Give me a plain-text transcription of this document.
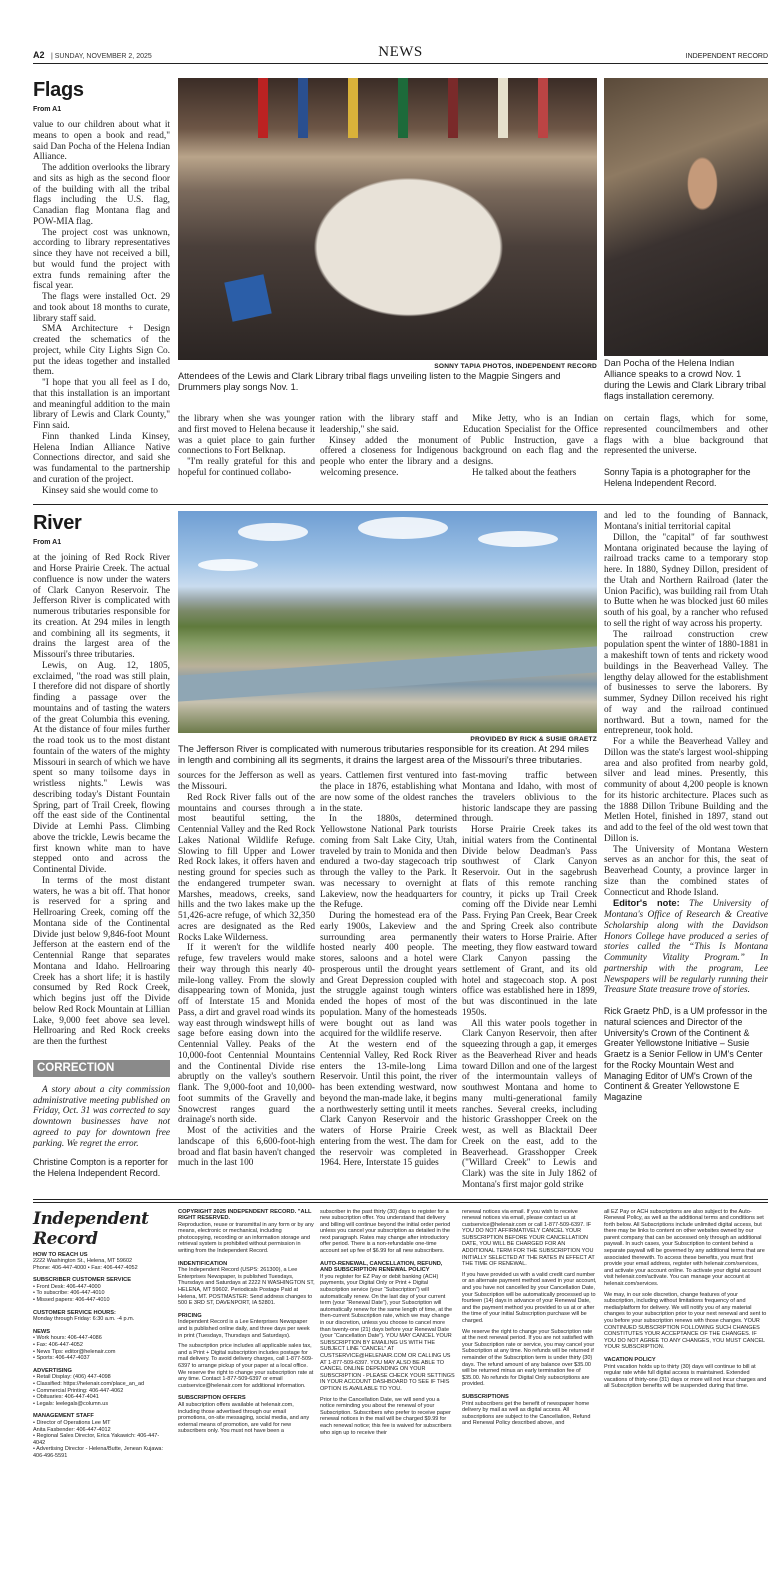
A2 | SUNDAY, NOVEMBER 2, 2025	NEWS	INDEPENDENT RECORD
Flags
From A1

value to our children about what it means to open a book and read," said Dan Pocha of the Helena Indian Alliance.

The addition overlooks the library and sits as high as the second floor of the building with all the tribal flags including the U.S. flag, Canadian flag Montana flag and POW-MIA flag.

The project cost was unknown, according to library representatives since they have not received a bill, but would fund the project with extra funds remaining after the fiscal year.

The flags were installed Oct. 29 and took about 18 months to curate, library staff said.

SMA Architecture + Design created the schematics of the project, while City Lights Sign Co. put the ideas together and installed them.

"I hope that you all feel as I do, that this installation is an important and meaningful addition to the main library of Lewis and Clark County," Finn said.

Finn thanked Linda Kinsey, Helena Indian Alliance Native Connections director, and said she was fundamental to the partnership and curation of the project.

Kinsey said she would come to

SONNY TAPIA PHOTOS, INDEPENDENT RECORD
Attendees of the Lewis and Clark Library tribal flags unveiling listen to the Magpie Singers and Drummers play songs Nov. 1.
Dan Pocha of the Helena Indian Alliance speaks to a crowd Nov. 1 during the Lewis and Clark Library tribal flags installation ceremony.

the library when she was younger and first moved to Helena because it was a quiet place to gain further connections to Fort Belknap.

"I'm really grateful for this and hopeful for continued collabo-

ration with the library staff and leadership," she said.

Kinsey added the monument offered a closeness for Indigenous people who enter the library and a welcoming presence.

Mike Jetty, who is an Indian Education Specialist for the Office of Public Instruction, gave a background on each flag and the designs.

He talked about the feathers

on certain flags, which for some, represented councilmembers and other flags with a blue background that represented the universe.

Sonny Tapia is a photographer for the Helena Independent Record.

River
From A1

at the joining of Red Rock River and Horse Prairie Creek. The actual confluence is now under the waters of Clark Canyon Reservoir. The Jefferson River is complicated with numerous tributaries responsible for its creation. At 294 miles in length and combining all its segments, it drains the largest area of the Missouri's three tributaries.

Lewis, on Aug. 12, 1805, exclaimed, "the road was still plain, I therefore did not dispare of shortly finding a passage over the mountains and of tasting the waters of the great Columbia this evening. At the distance of four miles further the road took us to the most distant fountain of the waters of the mighty Missouri in search of which we have spent so many toilsome days in wristless nights." Lewis was describing today's Distant Fountain Spring, part of Trail Creek, flowing off the east side of the Continental Divide at Lemhi Pass. Climbing above the trickle, Lewis became the first known white man to have stepped onto and across the Continental Divide.

In terms of the most distant waters, he was a bit off. That honor is reserved for a spring and Hellroaring Creek, coming off the Montana side of the Continental Divide just below 9,846-foot Mount Jefferson at the eastern end of the Centennial Range that separates Montana and Idaho. Hellroaring Creek has a short life; it is hastily consumed by Red Rock Creek, which begins just off the Divide below Red Rock Mountain at Lillian Lake, 9,000 feet above sea level. Hellroaring and Red Rock creeks are then the furthest

CORRECTION

A story about a city commission administrative meeting published on Friday, Oct. 31 was corrected to say downtown businesses have not agreed to pay for downtown free parking. We regret the error.

Christine Compton is a reporter for the Helena Independent Record.

PROVIDED BY RICK & SUSIE GRAETZ
The Jefferson River is complicated with numerous tributaries responsible for its creation. At 294 miles in length and combining all its segments, it drains the largest area of the Missouri's three tributaries.

sources for the Jefferson as well as the Missouri.

Red Rock River falls out of the mountains and courses through a most beautiful setting, the Centennial Valley and the Red Rock Lakes National Wildlife Refuge. Slowing to fill Upper and Lower Red Rock lakes, it offers haven and nesting ground for species such as the endangered trumpeter swan. Marshes, meadows, creeks, sand hills and the two lakes make up the 51,426-acre refuge, of which 32,350 acres are designated as the Red Rocks Lake Wilderness.

If it weren't for the wildlife refuge, few travelers would make their way through this nearly 40-mile-long valley. From the slowly disappearing town of Monida, just off of Interstate 15 and Monida Pass, a dirt and gravel road winds its way east through windswept hills of sage before easing down into the Centennial Valley. Peaks of the 10,000-foot Centennial Mountains and the Continental Divide rise abruptly on the valley's southern flank. The 9,000-foot and 10,000-foot summits of the Gravelly and Snowcrest ranges guard the drainage's north side.

Most of the activities and the landscape of this 6,600-foot-high broad and flat basin haven't changed much in the last 100

years. Cattlemen first ventured into the place in 1876, establishing what are now some of the oldest ranches in the state.

In the 1880s, determined Yellowstone National Park tourists coming from Salt Lake City, Utah, traveled by train to Monida and then endured a two-day stagecoach trip through the valley to the Park. It was necessary to overnight at Lakeview, now the headquarters for the Refuge.

During the homestead era of the early 1900s, Lakeview and the surrounding area permanently hosted nearly 400 people. The stores, saloons and a hotel were prosperous until the drought years and Great Depression coupled with the struggle against tough winters ended the hopes of most of the population. Many of the homesteads were bought out as land was acquired for the wildlife reserve.

At the western end of the Centennial Valley, Red Rock River enters the 13-mile-long Lima Reservoir. Until this point, the river has been extending westward, now beyond the man-made lake, it begins a northwesterly setting until it meets Clark Canyon Reservoir and the waters of Horse Prairie Creek entering from the west. The dam for the reservoir was completed in 1964. Here, Interstate 15 guides

fast-moving traffic between Montana and Idaho, with most of the travelers oblivious to the historic landscape they are passing through.

Horse Prairie Creek takes its initial waters from the Continental Divide below Deadman's Pass southwest of Clark Canyon Reservoir. Out in the sagebrush flats of this remote ranching country, it picks up Trail Creek coming off the Divide near Lemhi Pass. Frying Pan Creek, Bear Creek and Spring Creek also contribute their waters to Horse Prairie. After meeting, they flow eastward toward Clark Canyon passing the settlement of Grant, and its old hotel and stagecoach stop. A post office was established here in 1899, but was discontinued in the late 1950s.

All this water pools together in Clark Canyon Reservoir, then after squeezing through a gap, it emerges as the Beaverhead River and heads toward Dillon and one of the largest of the intermountain valleys of southwest Montana and home to many multi-generational family ranches. Several creeks, including historic Grasshopper Creek on the west, as well as Blacktail Deer Creek on the east, add to the Beaverhead. Grasshopper Creek ("Willard Creek" to Lewis and Clark) was the site in July 1862 of Montana's first major gold strike

and led to the founding of Bannack, Montana's initial territorial capital

Dillon, the "capital" of far southwest Montana originated because the laying of railroad tracks came to a temporary stop here. In 1880, Sydney Dillon, president of the Utah and Northern Railroad (later the Union Pacific), was building rail from Utah to Butte when he was blocked just 60 miles south of his goal, by a rancher who refused to sell the right of way across his property.

The railroad construction crew population spent the winter of 1880-1881 in a makeshift town of tents and rickety wood buildings in the Beaverhead Valley. The lengthy delay allowed for the establishment of businesses to serve the laborers. By summer, Sydney Dillon received his right of way and the railroad continued northward. But a town, named for the entrepreneur, took hold.

For a while the Beaverhead Valley and Dillon was the state's largest wool-shipping area and also profited from nearby gold, silver and lead mines. Presently, this community of about 4,200 people is known for its historic architecture. Places such as the 1888 Dillon Tribune Building and the Metlen Hotel, finished in 1897, stand out and add to the feel of the old west town that Dillon is.

The University of Montana Western serves as an anchor for this, the seat of Beaverhead County, a province larger in size than the combined states of Connecticut and Rhode Island.

Editor's note: The University of Montana's Office of Research & Creative Scholarship along with the Davidson Honors College have produced a series of stories called the “This Is Montana Community Vitality Program.” In partnership with the program, Lee Newspapers will be regularly running their Treasure State treasure trove of stories.

Rick Graetz PhD, is a UM professor in the natural sciences and Director of the University's Crown of the Continent & Greater Yellowstone Initiative – Susie Graetz is a Senior Fellow in UM's Center for the Rocky Mountain West and Managing Editor of UM's Crown of the Continent & Greater Yellowstone E Magazine

Independent Record
HOW TO REACH US
2222 Washington St., Helena, MT 59602
Phone: 406-447-4000 • Fax: 406-447-4052
SUBSCRIBER CUSTOMER SERVICE
• Front Desk: 406-447-4000
• To subscribe: 406-447-4010
• Missed papers: 406-447-4010
CUSTOMER SERVICE HOURS:
Monday through Friday: 6:30 a.m. -4 p.m.
NEWS
• Work hours: 406-447-4086
• Fax: 406-447-4052
• News Tips: editor@helenair.com
• Sports: 406-447-4037
ADVERTISING
• Retail Display: (406) 447-4098
• Classified: https://helenair.com/place_an_ad
• Commercial Printing: 406-447-4062
• Obituaries: 406-447-4041
• Legals: leelegals@column.us
MANAGEMENT STAFF
• Director of Operations Lee MT
Anita Fasbender: 406-447-4012
• Regional Sales Director, Erica Yakawich: 406-447-4042
• Advertising Director - Helena/Butte, Jenean Kujawa: 406-496-5591
COPYRIGHT 2025 INDEPENDENT RECORD. "ALL RIGHT RESERVED.
Reproduction, reuse or transmittal in any form or by any means, electronic or mechanical, including photocopying, recording or an information storage and retrieval system is prohibited without permission in writing from the Independent Record.
INDENTIFICATION
The Independent Record (USPS: 261300), a Lee Enterprises Newspaper, is published Tuesdays, Thursdays and Saturdays at 2222 N WASHINGTON ST, HELENA, MT 59602. Periodicals Postage Paid at Helena, MT. POSTMASTER: Send address changes to 500 E 3RD ST, DAVENPORT, IA 52801.
PRICING
Independent Record is a Lee Enterprises Newspaper and is published online daily, and three days per week in print (Tuesdays, Thursdays and Saturdays).
The subscription price includes all applicable sales tax, and a Print + Digital subscription includes postage for mail delivery. To avoid delivery charges, call 1-877-509-6397 to arrange pickup of your paper at a local office. We reserve the right to change your subscription rate at any time. Contact 1-877-509-6397 or email custservice@helenair.com for additional information.
SUBSCRIPTION OFFERS
All subscription offers available at helenair.com, including those advertised through our email promotions, on-site messaging, social media, and any external means of promotion, are valid for new subscribers only. You must not have been a
subscriber in the past thirty (30) days to register for a new subscription offer. You understand that delivery and billing will continue beyond the initial order period unless you cancel your subscription as detailed in the next paragraph. Rates may change after introductory offer period. There is a non-refundable one-time account set up fee of $6.99 for all new subscribers.
AUTO-RENEWAL, CANCELLATION, REFUND, AND SUBSCRIPTION RENEWAL POLICY
If you register for EZ Pay or debit banking (ACH) payments, your Digital Only or Print + Digital subscription service (your “Subscription”) will automatically renew. On the last day of your current term (your “Renewal Date”), your Subscription will automatically renew for the same length of time, at the then-current Subscription rate, which we may change in our discretion, unless you choose to cancel more than twenty-one (21) days before your Renewal Date (your “Cancellation Date”). YOU MAY CANCEL YOUR SUBSCRIPTION BY EMAILING US WITH THE SUBJECT LINE “CANCEL” AT CUSTSERVICE@HELENAIR.COM OR CALLING US AT 1-877-509-6397. YOU MAY ALSO BE ABLE TO CANCEL ONLINE DEPENDING ON YOUR SUBSCRIPTION - PLEASE CHECK YOUR SETTINGS IN YOUR ACCOUNT DASHBOARD TO SEE IF THIS OPTION IS AVAILABLE TO YOU.
Prior to the Cancellation Date, we will send you a notice reminding you about the renewal of your Subscription. Subscribers who prefer to receive paper renewal notices in the mail will be charged $9.99 for each renewal notice; this fee is waived for subscribers who sign up to receive their
renewal notices via email. If you wish to receive renewal notices via email, please contact us at custservice@helenair.com or call 1-877-509-6397. IF YOU DO NOT AFFIRMATIVELY CANCEL YOUR SUBSCRIPTION BEFORE YOUR CANCELLATION DATE, YOU WILL BE CHARGED FOR AN ADDITIONAL TERM FOR THE SUBSCRIPTION YOU INITIALLY SELECTED AT THE RATES IN EFFECT AT THE TIME OF RENEWAL.
If you have provided us with a valid credit card number or an alternate payment method saved in your account, and you have not cancelled by your Cancellation Date, your Subscription will be automatically processed up to fourteen (14) days in advance of your Renewal Date, and the payment method you provided to us at or after the time of your initial Subscription purchase will be charged.
We reserve the right to change your Subscription rate at the next renewal period. If you are not satisfied with your Subscription rate or service, you may cancel your Subscription at any time. No refunds will be returned if remainder of the Subscription term is under thirty (30) days. The refund amount of any balance over $35.00 will be returned minus an early termination fee of $35.00. No refunds for Digital Only subscriptions are provided.
SUBSCRIPTIONS
Print subscribers get the benefit of newspaper home delivery by mail as well as digital access. All subscriptions are subject to the Cancellation, Refund and Renewal Policy described above, and
all EZ Pay or ACH subscriptions are also subject to the Auto-Renewal Policy, as well as the additional terms and conditions set forth below. All Subscriptions include unlimited digital access, but there may be links to content on other websites owned by our parent company that can be accessed only through an additional paywall. In such cases, your Subscription to content behind a separate paywall will be governed by any additional terms that are associated therewith. To access these benefits, you must first provide your email address, register with helenair.com/services, and activate your account online. To activate your digital account visit helenair.com/activate. You can manage your account at helenair.com/services.
We may, in our sole discretion, change features of your subscription, including without limitations frequency of and media/platform for delivery. We will notify you of any material changes to your subscription prior to your next renewal and sent to you before your subscription renews with those changes. YOUR CONTINUED SUBSCRIPTION FOLLOWING SUCH CHANGES CONSTITUTES YOUR ACCEPTANCE OF THE CHANGES. IF YOU DO NOT AGREE TO ANY CHANGES, YOU MUST CANCEL YOUR SUBSCRIPTION.
VACATION POLICY
Print vacation holds up to thirty (30) days will continue to bill at regular rate while full digital access is maintained. Extended vacations of thirty-one (31) days or more will not incur charges and all Subscription benefits will be suspended during that time.
